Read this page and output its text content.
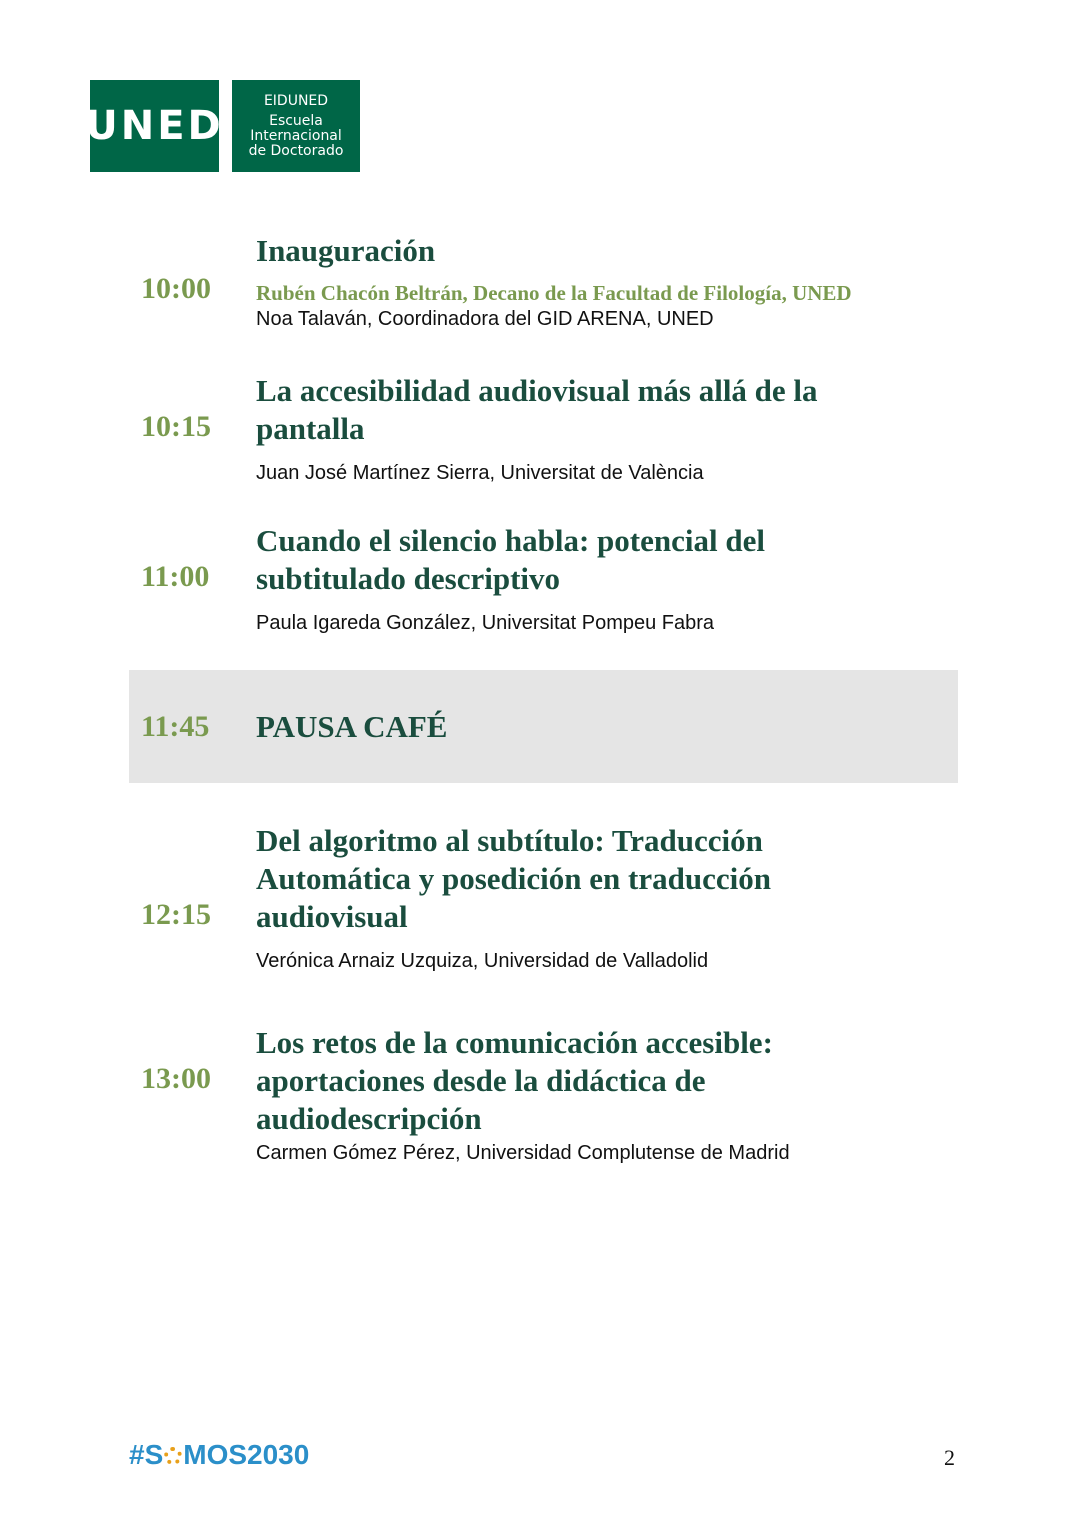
UNED
EIDUNED
Escuela
Internacional
de Doctorado
10:00
Inauguración
Rubén Chacón Beltrán, Decano de la Facultad de Filología, UNED
Noa Talaván, Coordinadora del GID ARENA, UNED
10:15
La accesibilidad audiovisual más allá de la pantalla
Juan José Martínez Sierra, Universitat de València
11:00
Cuando el silencio habla: potencial del subtitulado descriptivo
Paula Igareda González, Universitat Pompeu Fabra
11:45 PAUSA CAFÉ
12:15
Del algoritmo al subtítulo: Traducción Automática y posedición en traducción audiovisual
Verónica Arnaiz Uzquiza, Universidad de Valladolid
13:00
Los retos de la comunicación accesible: aportaciones desde la didáctica de audiodescripción
Carmen Gómez Pérez, Universidad Complutense de Madrid
#S MOS2030	2
